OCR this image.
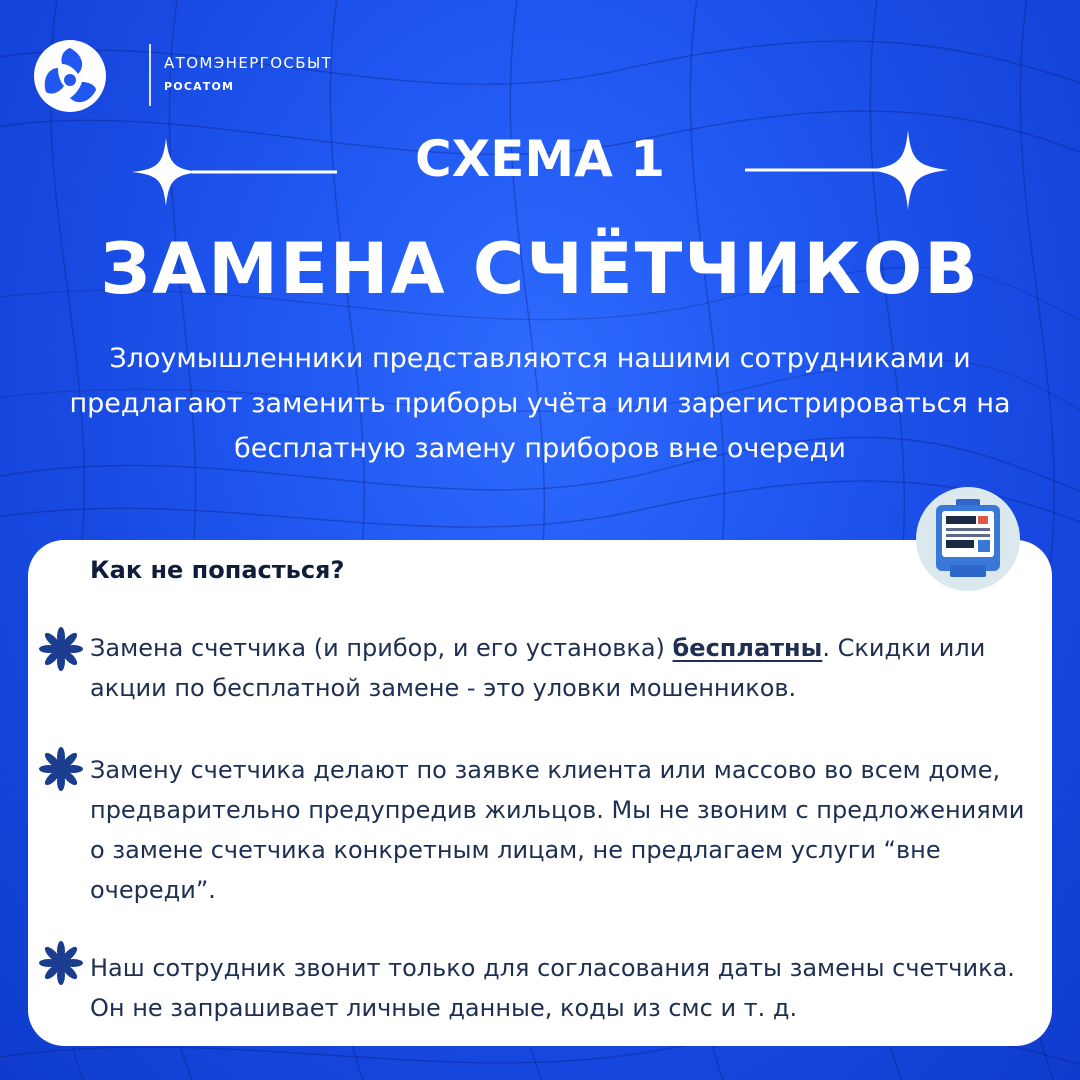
АТОМЭНЕРГОСБЫТ
РОСАТОМ
СХЕМА 1
ЗАМЕНА СЧЁТЧИКОВ
Злоумышленники представляются нашими сотрудниками и предлагают заменить приборы учёта или зарегистрироваться на бесплатную замену приборов вне очереди
Как не попасться?
Замена счетчика (и прибор, и его установка) бесплатны. Скидки или акции по бесплатной замене - это уловки мошенников.
Замену счетчика делают по заявке клиента или массово во всем доме, предварительно предупредив жильцов. Мы не звоним с предложениями о замене счетчика конкретным лицам, не предлагаем услуги “вне очереди”.
Наш сотрудник звонит только для согласования даты замены счетчика. Он не запрашивает личные данные, коды из смс и т. д.
